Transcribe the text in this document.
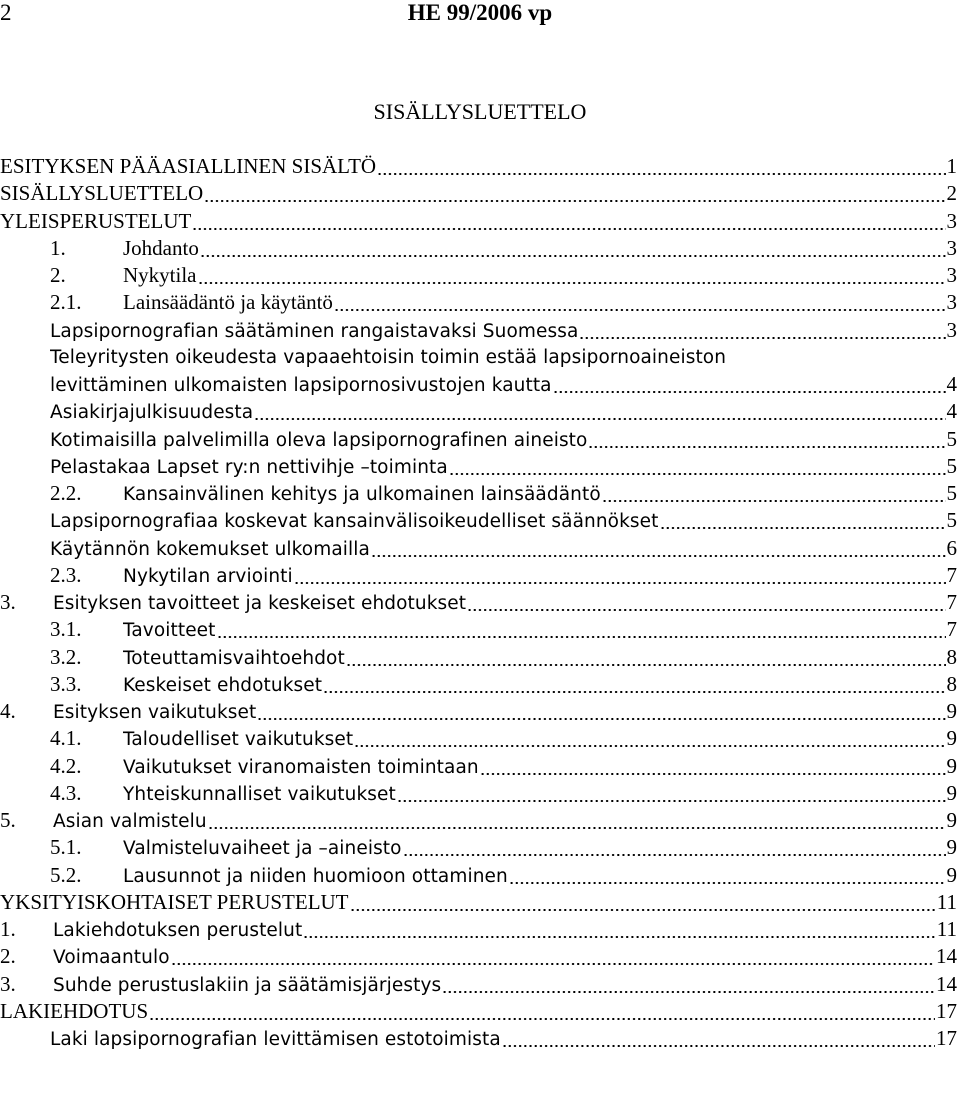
2	HE 99/2006 vp
SISÄLLYSLUETTELO
ESITYKSEN PÄÄASIALLINEN SISÄLTÖ	1
SISÄLLYSLUETTELO	2
YLEISPERUSTELUT	3
1.	Johdanto	3
2.	Nykytila	3
2.1.	Lainsäädäntö ja käytäntö	3
Lapsipornografian säätäminen rangaistavaksi Suomessa	3
Teleyritysten oikeudesta vapaaehtoisin toimin estää lapsipornoaineiston
levittäminen ulkomaisten lapsipornosivustojen kautta	4
Asiakirjajulkisuudesta	4
Kotimaisilla palvelimilla oleva lapsipornografinen aineisto	5
Pelastakaa Lapset ry:n nettivihje –toiminta	5
2.2.	Kansainvälinen kehitys ja ulkomainen lainsäädäntö	5
Lapsipornografiaa koskevat kansainvälisoikeudelliset säännökset	5
Käytännön kokemukset ulkomailla	6
2.3.	Nykytilan arviointi	7
3.	Esityksen tavoitteet ja keskeiset ehdotukset	7
3.1.	Tavoitteet	7
3.2.	Toteuttamisvaihtoehdot	8
3.3.	Keskeiset ehdotukset	8
4.	Esityksen vaikutukset	9
4.1.	Taloudelliset vaikutukset	9
4.2.	Vaikutukset viranomaisten toimintaan	9
4.3.	Yhteiskunnalliset vaikutukset	9
5.	Asian valmistelu	9
5.1.	Valmisteluvaiheet ja –aineisto	9
5.2.	Lausunnot ja niiden huomioon ottaminen	9
YKSITYISKOHTAISET PERUSTELUT	11
1.	Lakiehdotuksen perustelut	11
2.	Voimaantulo	14
3.	Suhde perustuslakiin ja säätämisjärjestys	14
LAKIEHDOTUS	17
Laki lapsipornografian levittämisen estotoimista	17
